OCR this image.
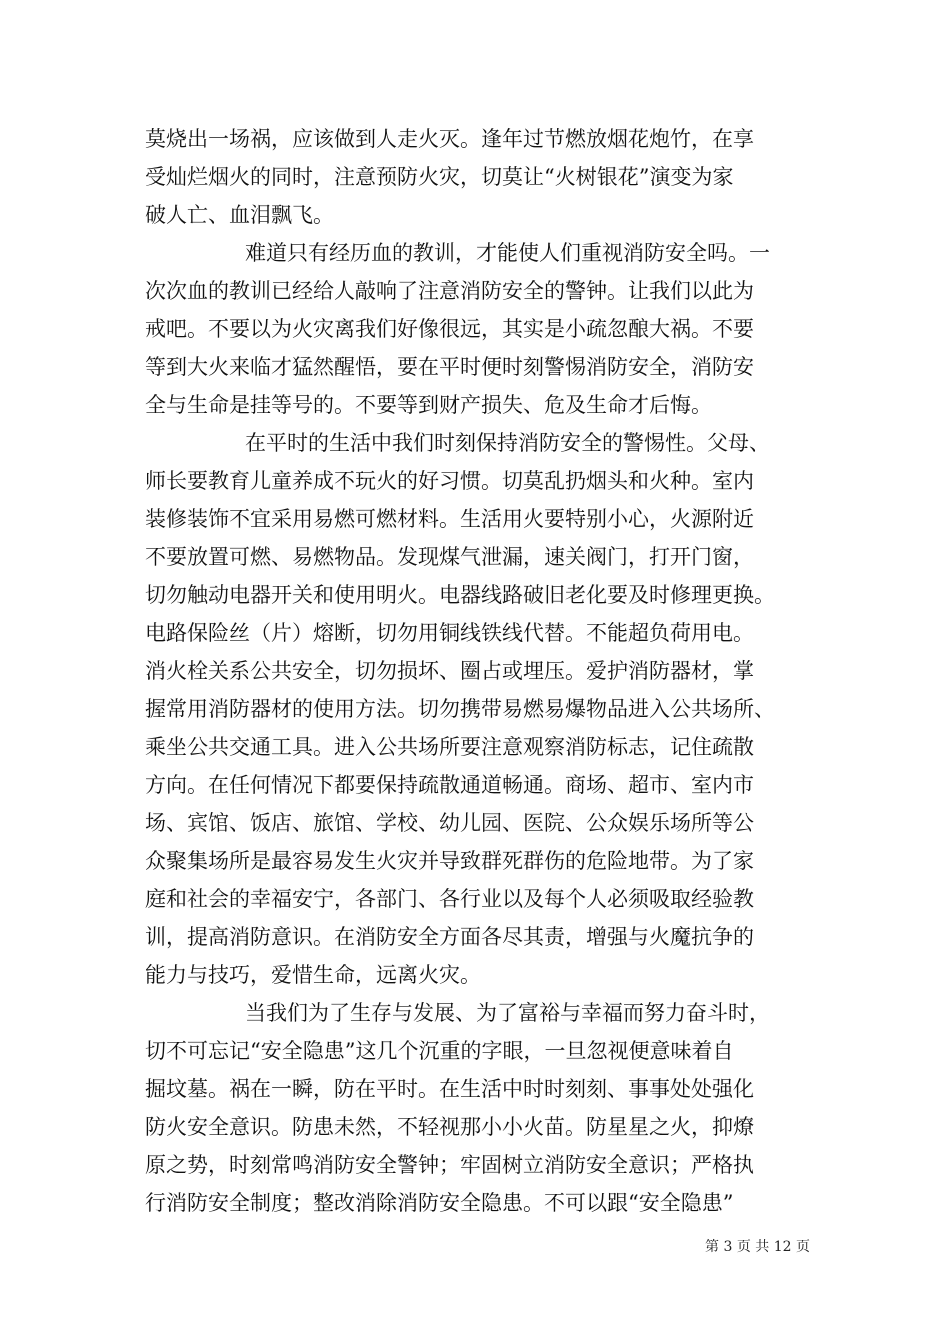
莫烧出一场祸，应该做到人走火灭。逢年过节燃放烟花炮竹，在享
受灿烂烟火的同时，注意预防火灾，切莫让“火树银花”演变为家
破人亡、血泪飘飞。
难道只有经历血的教训，才能使人们重视消防安全吗。一
次次血的教训已经给人敲响了注意消防安全的警钟。让我们以此为
戒吧。不要以为火灾离我们好像很远，其实是小疏忽酿大祸。不要
等到大火来临才猛然醒悟，要在平时便时刻警惕消防安全，消防安
全与生命是挂等号的。不要等到财产损失、危及生命才后悔。
在平时的生活中我们时刻保持消防安全的警惕性。父母、
师长要教育儿童养成不玩火的好习惯。切莫乱扔烟头和火种。室内
装修装饰不宜采用易燃可燃材料。生活用火要特别小心，火源附近
不要放置可燃、易燃物品。发现煤气泄漏，速关阀门，打开门窗，
切勿触动电器开关和使用明火。电器线路破旧老化要及时修理更换。
电路保险丝（片）熔断，切勿用铜线铁线代替。不能超负荷用电。
消火栓关系公共安全，切勿损坏、圈占或埋压。爱护消防器材，掌
握常用消防器材的使用方法。切勿携带易燃易爆物品进入公共场所、
乘坐公共交通工具。进入公共场所要注意观察消防标志，记住疏散
方向。在任何情况下都要保持疏散通道畅通。商场、超市、室内市
场、宾馆、饭店、旅馆、学校、幼儿园、医院、公众娱乐场所等公
众聚集场所是最容易发生火灾并导致群死群伤的危险地带。为了家
庭和社会的幸福安宁，各部门、各行业以及每个人必须吸取经验教
训，提高消防意识。在消防安全方面各尽其责，增强与火魔抗争的
能力与技巧，爱惜生命，远离火灾。
当我们为了生存与发展、为了富裕与幸福而努力奋斗时，
切不可忘记“安全隐患”这几个沉重的字眼，一旦忽视便意味着自
掘坟墓。祸在一瞬，防在平时。在生活中时时刻刻、事事处处强化
防火安全意识。防患未然，不轻视那小小火苗。防星星之火，抑燎
原之势，时刻常鸣消防安全警钟；牢固树立消防安全意识；严格执
行消防安全制度；整改消除消防安全隐患。不可以跟“安全隐患”
第 3 页 共 12 页
